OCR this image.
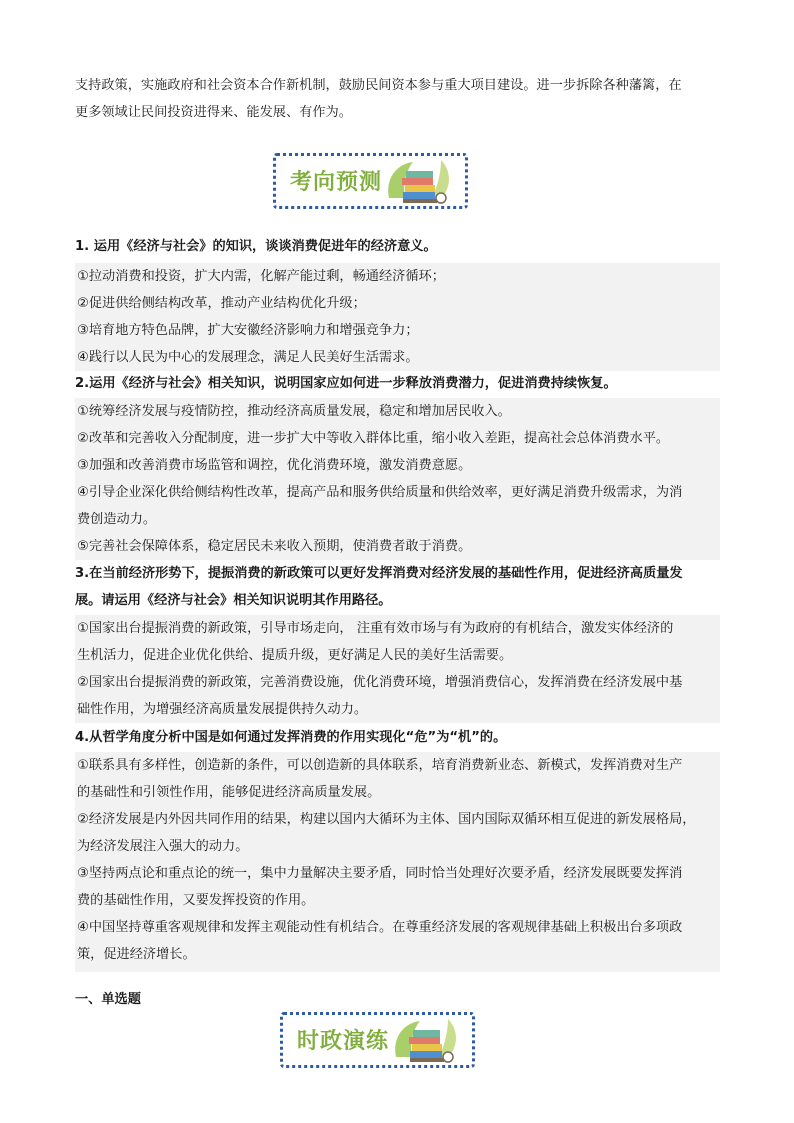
支持政策，实施政府和社会资本合作新机制，鼓励民间资本参与重大项目建设。进一步拆除各种藩篱，在
更多领域让民间投资进得来、能发展、有作为。

考向预测

1. 运用《经济与社会》的知识，谈谈消费促进年的经济意义。

①拉动消费和投资，扩大内需，化解产能过剩，畅通经济循环；
②促进供给侧结构改革，推动产业结构优化升级；
③培育地方特色品牌，扩大安徽经济影响力和增强竞争力；
④践行以人民为中心的发展理念，满足人民美好生活需求。

2.运用《经济与社会》相关知识，说明国家应如何进一步释放消费潜力，促进消费持续恢复。

①统筹经济发展与疫情防控，推动经济高质量发展，稳定和增加居民收入。
②改革和完善收入分配制度，进一步扩大中等收入群体比重，缩小收入差距，提高社会总体消费水平。
③加强和改善消费市场监管和调控，优化消费环境，激发消费意愿。
④引导企业深化供给侧结构性改革，提高产品和服务供给质量和供给效率，更好满足消费升级需求，为消
费创造动力。
⑤完善社会保障体系，稳定居民未来收入预期，使消费者敢于消费。

3.在当前经济形势下，提振消费的新政策可以更好发挥消费对经济发展的基础性作用，促进经济高质量发
展。请运用《经济与社会》相关知识说明其作用路径。

①国家出台提振消费的新政策，引导市场走向， 注重有效市场与有为政府的有机结合，激发实体经济的
生机活力，促进企业优化供给、提质升级，更好满足人民的美好生活需要。
②国家出台提振消费的新政策，完善消费设施，优化消费环境，增强消费信心，发挥消费在经济发展中基
础性作用，为增强经济高质量发展提供持久动力。

4.从哲学角度分析中国是如何通过发挥消费的作用实现化“危”为“机”的。

①联系具有多样性，创造新的条件，可以创造新的具体联系，培育消费新业态、新模式，发挥消费对生产
的基础性和引领性作用，能够促进经济高质量发展。
②经济发展是内外因共同作用的结果，构建以国内大循环为主体、国内国际双循环相互促进的新发展格局，
为经济发展注入强大的动力。
③坚持两点论和重点论的统一，集中力量解决主要矛盾，同时恰当处理好次要矛盾，经济发展既要发挥消
费的基础性作用，又要发挥投资的作用。
④中国坚持尊重客观规律和发挥主观能动性有机结合。在尊重经济发展的客观规律基础上积极出台多项政
策，促进经济增长。
一、单选题
时政演练
